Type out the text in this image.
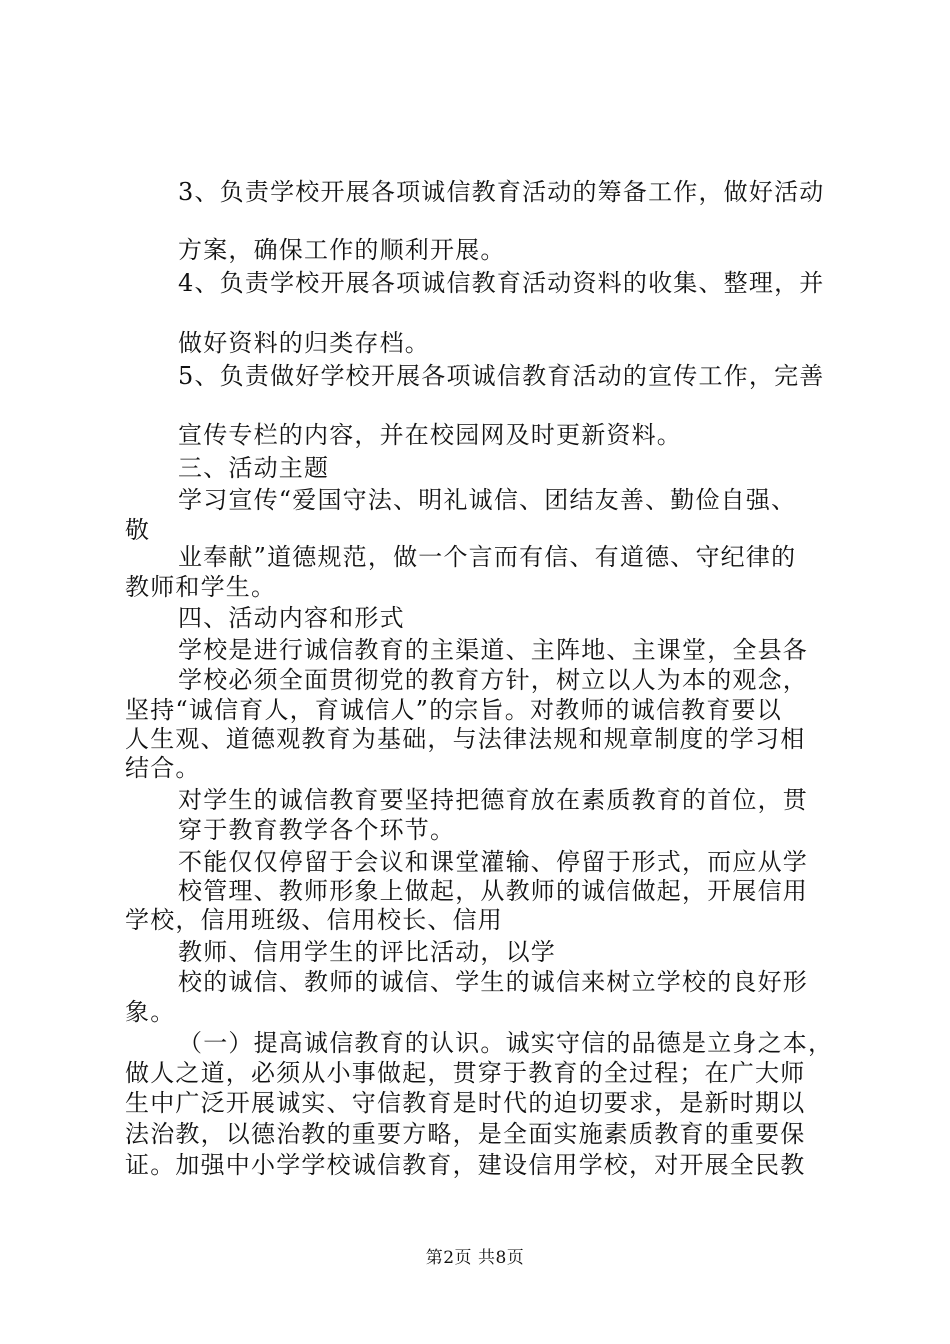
3、负责学校开展各项诚信教育活动的筹备工作，做好活动
方案，确保工作的顺利开展。
4、负责学校开展各项诚信教育活动资料的收集、整理，并
做好资料的归类存档。
5、负责做好学校开展各项诚信教育活动的宣传工作，完善
宣传专栏的内容，并在校园网及时更新资料。
三、活动主题
学习宣传“爱国守法、明礼诚信、团结友善、勤俭自强、
敬
业奉献”道德规范，做一个言而有信、有道德、守纪律的
教师和学生。
四、活动内容和形式
学校是进行诚信教育的主渠道、主阵地、主课堂，全县各
学校必须全面贯彻党的教育方针，树立以人为本的观念，
坚持“诚信育人，育诚信人”的宗旨。对教师的诚信教育要以
人生观、道德观教育为基础，与法律法规和规章制度的学习相
结合。
对学生的诚信教育要坚持把德育放在素质教育的首位，贯
穿于教育教学各个环节。
不能仅仅停留于会议和课堂灌输、停留于形式，而应从学
校管理、教师形象上做起，从教师的诚信做起，开展信用
学校，信用班级、信用校长、信用
教师、信用学生的评比活动，以学
校的诚信、教师的诚信、学生的诚信来树立学校的良好形
象。
（一）提高诚信教育的认识。诚实守信的品德是立身之本，
做人之道，必须从小事做起，贯穿于教育的全过程；在广大师
生中广泛开展诚实、守信教育是时代的迫切要求，是新时期以
法治教，以德治教的重要方略，是全面实施素质教育的重要保
证。加强中小学学校诚信教育，建设信用学校，对开展全民教
第2页 共8页
